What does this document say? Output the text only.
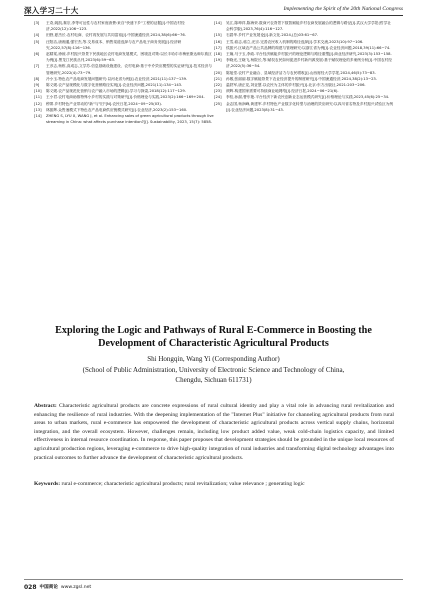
深入学习二十大	Implementing the Spirit of the 20th National Congress
[3]	王奇,姚凯,秦宗,李等可达性与农村家庭消费:来自"快递下乡"工程的证据[J].中国农村经济,2022(12):106−123.
[4]	田野,夏杰长.农村电商、农村再发展与共同富裕[J].中国流通经济,2024,38(6):66−76.
[5]	汪阳洁,唐湘通,强宏杰,等.交易成本、销售渠道选择与农产品电子商务发展[J].经济研究,2022,57(8):116−136.
[6]	赵精棠,徐琼.乡村振兴背景下民族地区农村电商发展模式、困境及对策:以长丰哈尔市梅里斯达斡尔族区为例[J].黑龙江民族丛刊,2023(6):59−63.
[7]	王彦志,杨栋,高成志,文学苏.信息基础设施建设、农村电商:基于中介效应模型的实证研究[J].技术经济与管理研究,2022(4):73−79.
[8]	冷小玉.特色农产品电商发展问题研究:以河北省为例[J].农业经济,2021(11):137−139.
[9]	陈义媛.农产品规模化与数字化营销路径实现[J].农业经济问题,2021(11):134−143.
[10]	陈义媛.农产品规范化营销与农户融入市场的逻辑[J].学习与探索,2018(12):117−129.
[11]	王小君.农村电商助推特殊小乡村的实践与对策研究[J].价格理论与实践,2023(2):166−169+204.
[12]	穆菁.乡村特色产业带动的"新"与"旧"[N].农民日报,2024−09−25(03).
[13]	林振辉.众售速模式下特色农产品电商供应链模式研究[J].农业经济,2023(2):153−160.
[14]	ZHENG S, LYU X, WANG J, et al. Enhancing sales of green agricultural products through live streaming in China: what affects purchase intention?[J]. Sustainability, 2023, 15(7): 5858.
[14]	吴江,陈坤祥,陈海荣.数商兴农背景下数智赋能乡村农商发展融合的逻辑与路径[J].武汉大学学报(哲学社会科学版),2023,76(4):116−127.
[15]	石碧华.乡村产业发展论[J].新文化.2024,(总)03:61−67.
[16]	王雪,骆志,骆立,光宗.完善农民收入机制的路径选择[J].学术交流,2023(10):97−106.
[17]	侯振兴.区域农产品公共品牌的构建与管理研究:以浙江省为例[J].农业经济问题,2018,39(11):66−74.
[18]	王娴,马子玉,李政.平台经济赋能乡村振兴的理论逻辑与路径重塑[J].商业经济研究,2023(3):153−158.
[19]	李晓光,王晓飞,杨院长,等.赋权农民如何促进乡村新内源发展:基于赋权理论的多案例分析[J].中国农村经济,2022(5):36−54.
[20]	陈旭堂.农村产业融合、县域经济活力与农民增收[J].山西财经大学学报,2024,46(5):73−83.
[21]	孙敬,张丽丽.数字赋能背景下农业经济提升的制度研究[J].中国流通经济,2024,38(2):13−23.
[22]	温铁军,唐正花,刘亚慧.以农民为主体的乡村振兴[J].北京:东方出版社,2021:203−206.
[23]	颜辉.构建国家需要可持续商业地网络[J].经济日报,2024−06−21(6).
[24]	李桂,孙湛,曹东艳.平台经济下新农民创新业态运营模式研究[J].价格理论与实践,2023,45(6):25−34.
[25]	金志国,杨润峰,黄建军.乡村特色产业数字化转型与治理的效应研究:以四川省名特及乡村振兴试验区为例[J].农业经济问题,2023(8):31−43.
Exploring the Logic and Pathways of Rural E-Commerce in Boosting the
Development of Characteristic Agricultural Products
Shi Hongqin, Wang Yi (Corresponding Author)
(School of Public Administration, University of Electronic Science and Technology of China,
Chengdu, Sichuan 611731)
Abstract: Characteristic agricultural products are concrete expressions of rural cultural identity and play a vital role in advancing rural revitalization and enhancing the resilience of rural industries. With the deepening implementation of the "Internet Plus" initiative for channeling agricultural products from rural areas to urban markets, rural e-commerce has empowered the development of characteristic agricultural products across vertical supply chains, horizontal integration, and the overall ecosystem. However, challenges remain, including low product added value, weak cold-chain logistics capacity, and limited effectiveness in internal resource coordination. In response, this paper proposes that development strategies should be grounded in the unique local resources of agricultural production regions, leveraging e-commerce to drive high-quality integration of rural industries and transforming digital technology advantages into practical outcomes to further advance the development of characteristic agricultural products.
Keywords: rural e-commerce; characteristic agricultural products; rural revitalization; value relevance ; generating logic
028 中国商论 www.zgsl.net
